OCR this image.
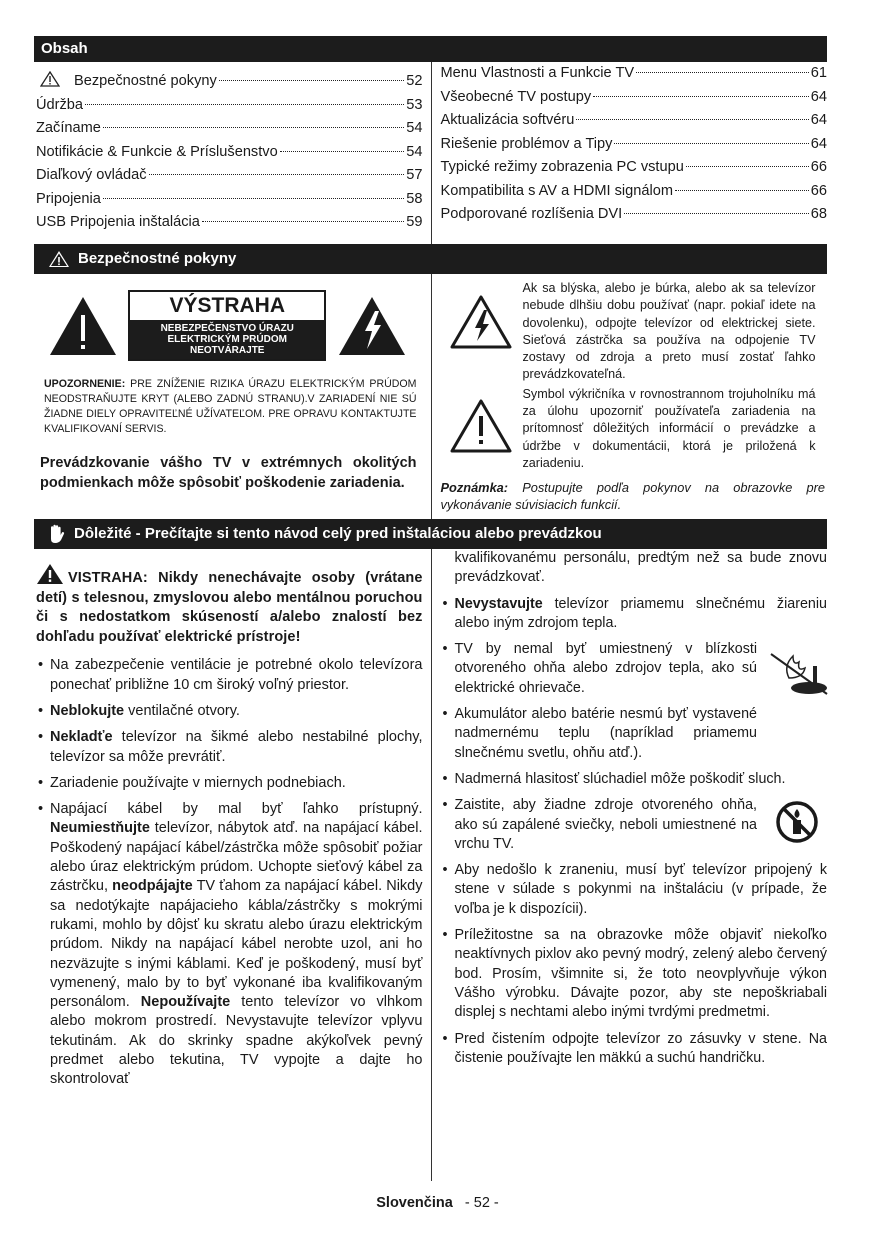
Obsah
Bezpečnostné pokyny	52
Údržba	53
Začíname	54
Notifikácie & Funkcie & Príslušenstvo	54
Diaľkový ovládač	57
Pripojenia	58
USB Pripojenia inštalácia	59
Menu Vlastnosti a Funkcie TV	61
Všeobecné TV postupy	64
Aktualizácia softvéru	64
Riešenie problémov a Tipy	64
Typické režimy zobrazenia PC vstupu	66
Kompatibilita s AV a HDMI signálom	66
Podporované rozlíšenia DVI	68
Bezpečnostné pokyny
VÝSTRAHA
NEBEZPEČENSTVO ÚRAZU ELEKTRICKÝM PRÚDOM NEOTVÁRAJTE
UPOZORNENIE: PRE ZNÍŽENIE RIZIKA ÚRAZU ELEKTRICKÝM PRÚDOM NEODSTRAŇUJTE KRYT (ALEBO ZADNÚ STRANU).V ZARIADENÍ NIE SÚ ŽIADNE DIELY OPRAVITEĽNÉ UŽÍVATEĽOM. PRE OPRAVU KONTAKTUJTE KVALIFIKOVANÍ SERVIS.
Prevádzkovanie vášho TV v extrémnych okolitých podmienkach môže spôsobiť poškodenie zariadenia.
Ak sa blýska, alebo je búrka, alebo ak sa televízor nebude dlhšiu dobu používať (napr. pokiaľ idete na dovolenku), odpojte televízor od elektrickej siete. Sieťová zástrčka sa používa na odpojenie TV zostavy od zdroja a preto musí zostať ľahko prevádzkovateľná.
Symbol výkričníka v rovnostrannom trojuholníku má za úlohu upozorniť používateľa zariadenia na prítomnosť dôležitých informácií o prevádzke a údržbe v dokumentácii, ktorá je priložená k zariadeniu.
Poznámka: Postupujte podľa pokynov na obrazovke pre vykonávanie súvisiacich funkcií.
Dôležité - Prečítajte si tento návod celý pred inštaláciou alebo prevádzkou
VISTRAHA: Nikdy nenechávajte osoby (vrátane detí) s telesnou, zmyslovou alebo mentálnou poruchou či s nedostatkom skúseností a/alebo znalostí bez dohľadu používať elektrické prístroje!
• Na zabezpečenie ventilácie je potrebné okolo televízora ponechať približne 10 cm široký voľný priestor.
• Neblokujte ventilačné otvory.
• Nekladťe televízor na šikmé alebo nestabilné plochy, televízor sa môže prevrátiť.
• Zariadenie používajte v miernych podnebiach.
• Napájací kábel by mal byť ľahko prístupný. Neumiestňujte televízor, nábytok atď. na napájací kábel. Poškodený napájací kábel/zástrčka môže spôsobiť požiar alebo úraz elektrickým prúdom. Uchopte sieťový kábel za zástrčku, neodpájajte TV ťahom za napájací kábel. Nikdy sa nedotýkajte napájacieho kábla/zástrčky s mokrými rukami, mohlo by dôjsť ku skratu alebo úrazu elektrickým prúdom. Nikdy na napájací kábel nerobte uzol, ani ho nezväzujte s inými káblami. Keď je poškodený, musí byť vymenený, malo by to byť vykonané iba kvalifikovaným personálom. Nepoužívajte tento televízor vo vlhkom alebo mokrom prostredí. Nevystavujte televízor vplyvu tekutinám. Ak do skrinky spadne akýkoľvek pevný predmet alebo tekutina, TV vypojte a dajte ho skontrolovať
kvalifikovanému personálu, predtým než sa bude znovu prevádzkovať.
• Nevystavujte televízor priamemu slnečnému žiareniu alebo iným zdrojom tepla.
• TV by nemal byť umiestnený v blízkosti otvoreného ohňa alebo zdrojov tepla, ako sú elektrické ohrievače.
• Akumulátor alebo batérie nesmú byť vystavené nadmernému teplu (napríklad priamemu slnečnému svetlu, ohňu atď.).
• Nadmerná hlasitosť slúchadiel môže poškodiť sluch.
• Zaistite, aby žiadne zdroje otvoreného ohňa, ako sú zapálené sviečky, neboli umiestnené na vrchu TV.
• Aby nedošlo k zraneniu, musí byť televízor pripojený k stene v súlade s pokynmi na inštaláciu (v prípade, že voľba je k dispozícii).
• Príležitostne sa na obrazovke môže objaviť niekoľko neaktívnych pixlov ako pevný modrý, zelený alebo červený bod. Prosím, všimnite si, že toto neovplyvňuje výkon Vášho výrobku. Dávajte pozor, aby ste nepoškriabali displej s nechtami alebo inými tvrdými predmetmi.
• Pred čistením odpojte televízor zo zásuvky v stene. Na čistenie používajte len mäkkú a suchú handričku.
Slovenčina - 52 -
